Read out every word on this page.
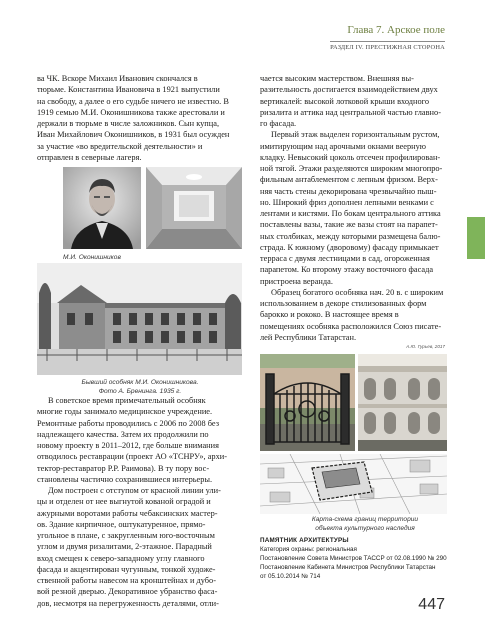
Глава 7. Арское поле
РАЗДЕЛ IV. ПРЕСТИЖНАЯ СТОРОНА

ва ЧК. Вскоре Михаил Иванович скончался в

тюрьме. Константина Ивановича в 1921 выпустили

на свободу, а далее о его судьбе ничего не известно. В

1919 семью М.И. Оконишникова также арестовали и

держали в тюрьме в числе заложников. Сын купца,

Иван Михайлович Оконишников, в 1931 был осужден

за участие «во вредительской деятельности» и

отправлен в северные лагеря.

М.И. Оконишников
Бывший особняк М.И. Оконишникова.
Фото А. Бренинга. 1935 г.

В советское время примечательный особняк

многие годы занимало медицинское учреждение.

Ремонтные работы проводились с 2006 по 2008 без

надлежащего качества. Затем их продолжили по

новому проекту в 2011–2012, где больше внимания

отводилось реставрации (проект АО «ТСНРУ», архи-

тектор-реставратор Р.Р. Раимова). В ту пору вос-

становлены частично сохранившиеся интерьеры.

Дом построен с отступом от красной линии ули-

цы и отделен от нее выгнутой кованой оградой и

ажурными воротами работы чебаксинских мастер-

ов. Здание кирпичное, оштукатуренное, прямо-

угольное в плане, с закругленным юго-восточным

углом и двумя ризалитами, 2-этажное. Парадный

вход смещен к северо-западному углу главного

фасада и акцентирован чугунным, тонкой художе-

ственной работы навесом на кронштейнах и дубо-

вой резной дверью. Декоративное убранство фаса-

дов, несмотря на перегруженность деталями, отли-

чается высоким мастерством. Внешняя вы-

разительность достигается взаимодействием двух

вертикалей: высокой лотковой крыши входного

ризалита и аттика над центральной частью главно-

го фасада.

Первый этаж выделен горизонтальным рустом,

имитирующим над арочными окнами веерную

кладку. Невысокий цоколь отсечен профилирован-

ной тягой. Этажи разделяются широким многопро-

фильным антаблементом с лепным фризом. Верх-

няя часть стены декорирована чрезвычайно пыш-

но. Широкий фриз дополнен лепными венками с

лентами и кистями. По бокам центрального аттика

поставлены вазы, такие же вазы стоят на парапет-

ных столбиках, между которыми размещена балю-

страда. К южному (дворовому) фасаду примыкает

терраса с двумя лестницами в сад, огороженная

парапетом. Ко второму этажу восточного фасада

пристроена веранда.

Образец богатого особняка нач. 20 в. с широким

использованием в декоре стилизованных форм

барокко и рококо. В настоящее время в

помещениях особняка расположился Союз писате-

лей Республики Татарстан.

А.Ю. Гурьев, 2017
Карта-схема границ территории
объекта культурного наследия
ПАМЯТНИК АРХИТЕКТУРЫ
Категория охраны: региональная
Постановление Совета Министров ТАССР от 02.08.1990 № 290
Постановление Кабинета Министров Республики Татарстан
от 05.10.2014 № 714
447
